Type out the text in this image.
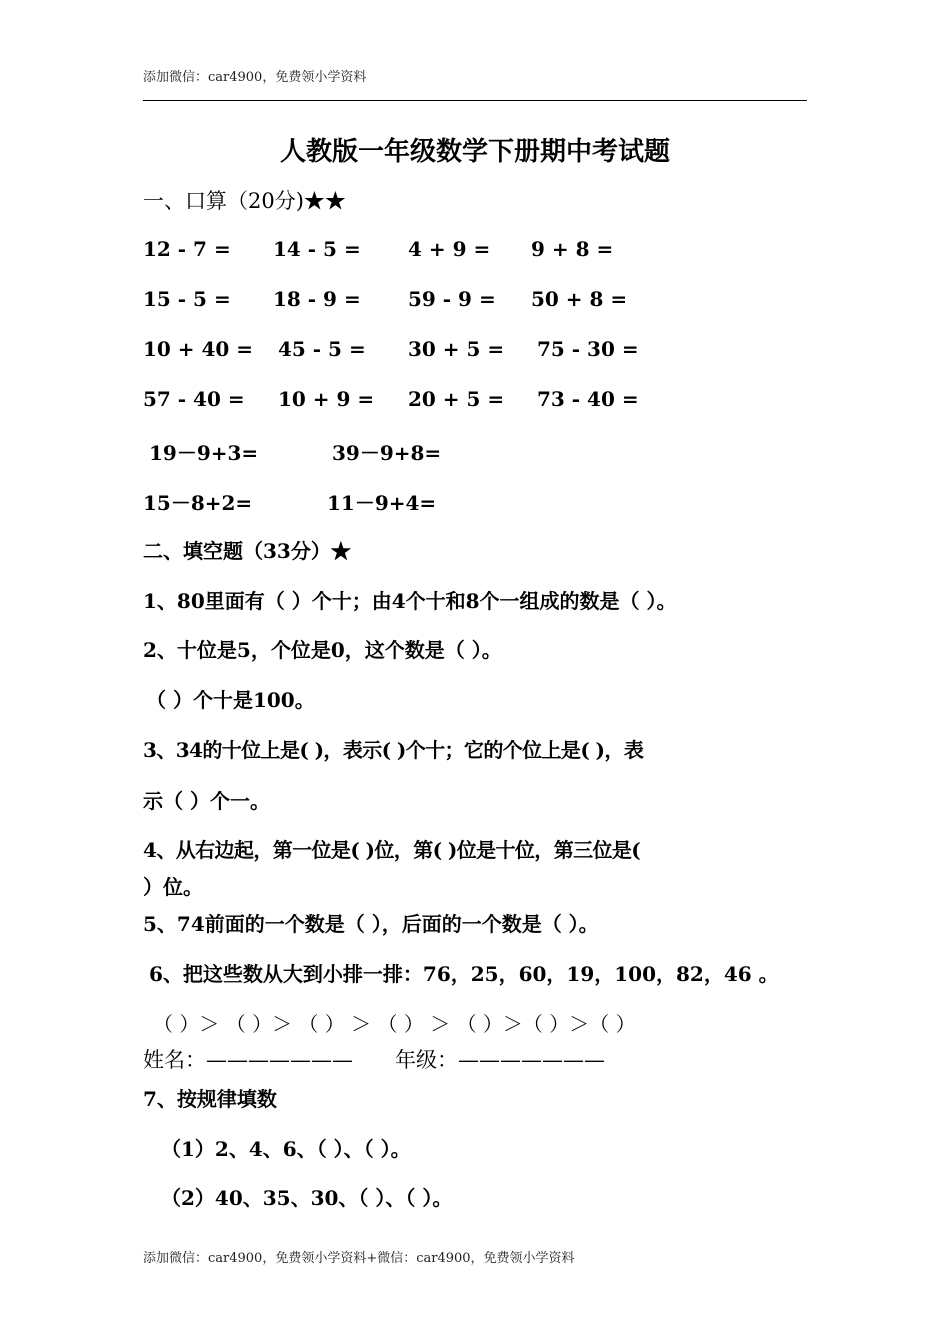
添加微信：car4900，免费领小学资料
人教版一年级数学下册期中考试题
一、口算（20分)★★
12 - 7 = 14 - 5 = 4 + 9 = 9 + 8 =
15 - 5 = 18 - 9 = 59 - 9 = 50 + 8 =
10 + 40 = 45 - 5 = 30 + 5 = 75 - 30 =
57 - 40 = 10 + 9 = 20 + 5 = 73 - 40 =
19－9+3=	39－9+8=
15－8+2=	11－9+4=
二、填空题（33分）★
1、80里面有（ ）个十；由4个十和8个一组成的数是（ ）。
2、十位是5，个位是0，这个数是（ ）。
（ ）个十是100。
3、34的十位上是( )，表示( )个十；它的个位上是( )，表
示（ ）个一。
4、从右边起，第一位是( )位，第( )位是十位，第三位是(
）位。
5、74前面的一个数是（ ），后面的一个数是（ ）。
6、把这些数从大到小排一排：76，25，60，19，100，82，46 。
（ ）＞ （ ）＞ （ ） ＞ （ ） ＞ （ ）＞（ ）＞（ ）
姓名：——————— 年级：———————
7、按规律填数
（1）2、4、6、（ ）、（ ）。
（2）40、35、30、（ ）、（ ）。
添加微信：car4900，免费领小学资料+微信：car4900，免费领小学资料
